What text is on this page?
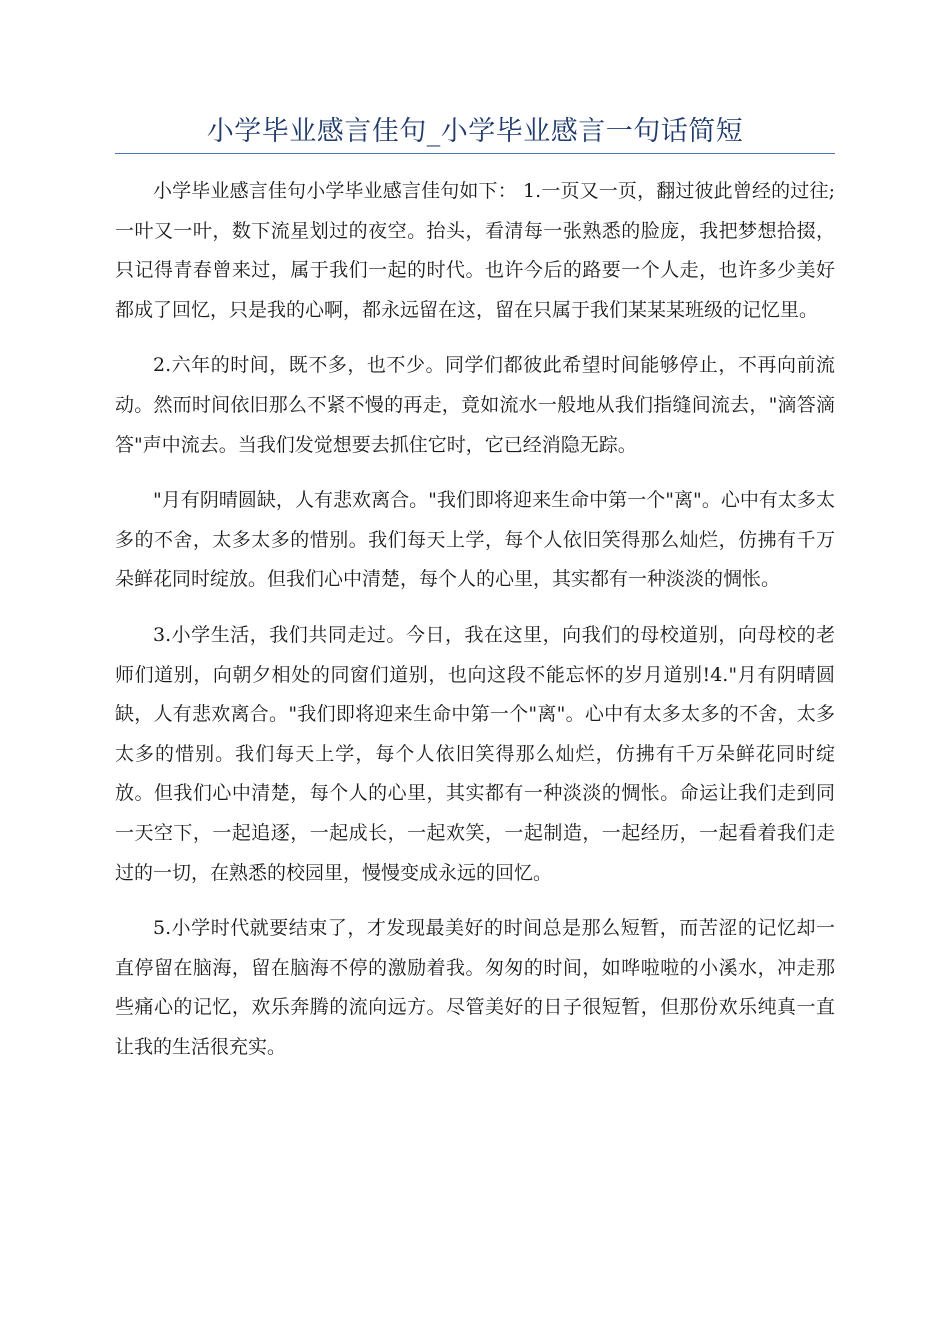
小学毕业感言佳句_小学毕业感言一句话简短

小学毕业感言佳句小学毕业感言佳句如下： 1.一页又一页，翻过彼此曾经的过往;一叶又一叶，数下流星划过的夜空。抬头，看清每一张熟悉的脸庞，我把梦想拾掇，只记得青春曾来过，属于我们一起的时代。也许今后的路要一个人走，也许多少美好都成了回忆，只是我的心啊，都永远留在这，留在只属于我们某某某班级的记忆里。

2.六年的时间，既不多，也不少。同学们都彼此希望时间能够停止，不再向前流动。然而时间依旧那么不紧不慢的再走，竟如流水一般地从我们指缝间流去，"滴答滴答"声中流去。当我们发觉想要去抓住它时，它已经消隐无踪。

"月有阴晴圆缺，人有悲欢离合。"我们即将迎来生命中第一个"离"。心中有太多太多的不舍，太多太多的惜别。我们每天上学，每个人依旧笑得那么灿烂，仿拂有千万朵鲜花同时绽放。但我们心中清楚，每个人的心里，其实都有一种淡淡的惆怅。

3.小学生活，我们共同走过。今日，我在这里，向我们的母校道别，向母校的老师们道别，向朝夕相处的同窗们道别，也向这段不能忘怀的岁月道别!4."月有阴晴圆缺，人有悲欢离合。"我们即将迎来生命中第一个"离"。心中有太多太多的不舍，太多太多的惜别。我们每天上学，每个人依旧笑得那么灿烂，仿拂有千万朵鲜花同时绽放。但我们心中清楚，每个人的心里，其实都有一种淡淡的惆怅。命运让我们走到同一天空下，一起追逐，一起成长，一起欢笑，一起制造，一起经历，一起看着我们走过的一切，在熟悉的校园里，慢慢变成永远的回忆。

5.小学时代就要结束了，才发现最美好的时间总是那么短暂，而苦涩的记忆却一直停留在脑海，留在脑海不停的激励着我。匆匆的时间，如哗啦啦的小溪水，冲走那些痛心的记忆，欢乐奔腾的流向远方。尽管美好的日子很短暂，但那份欢乐纯真一直让我的生活很充实。
